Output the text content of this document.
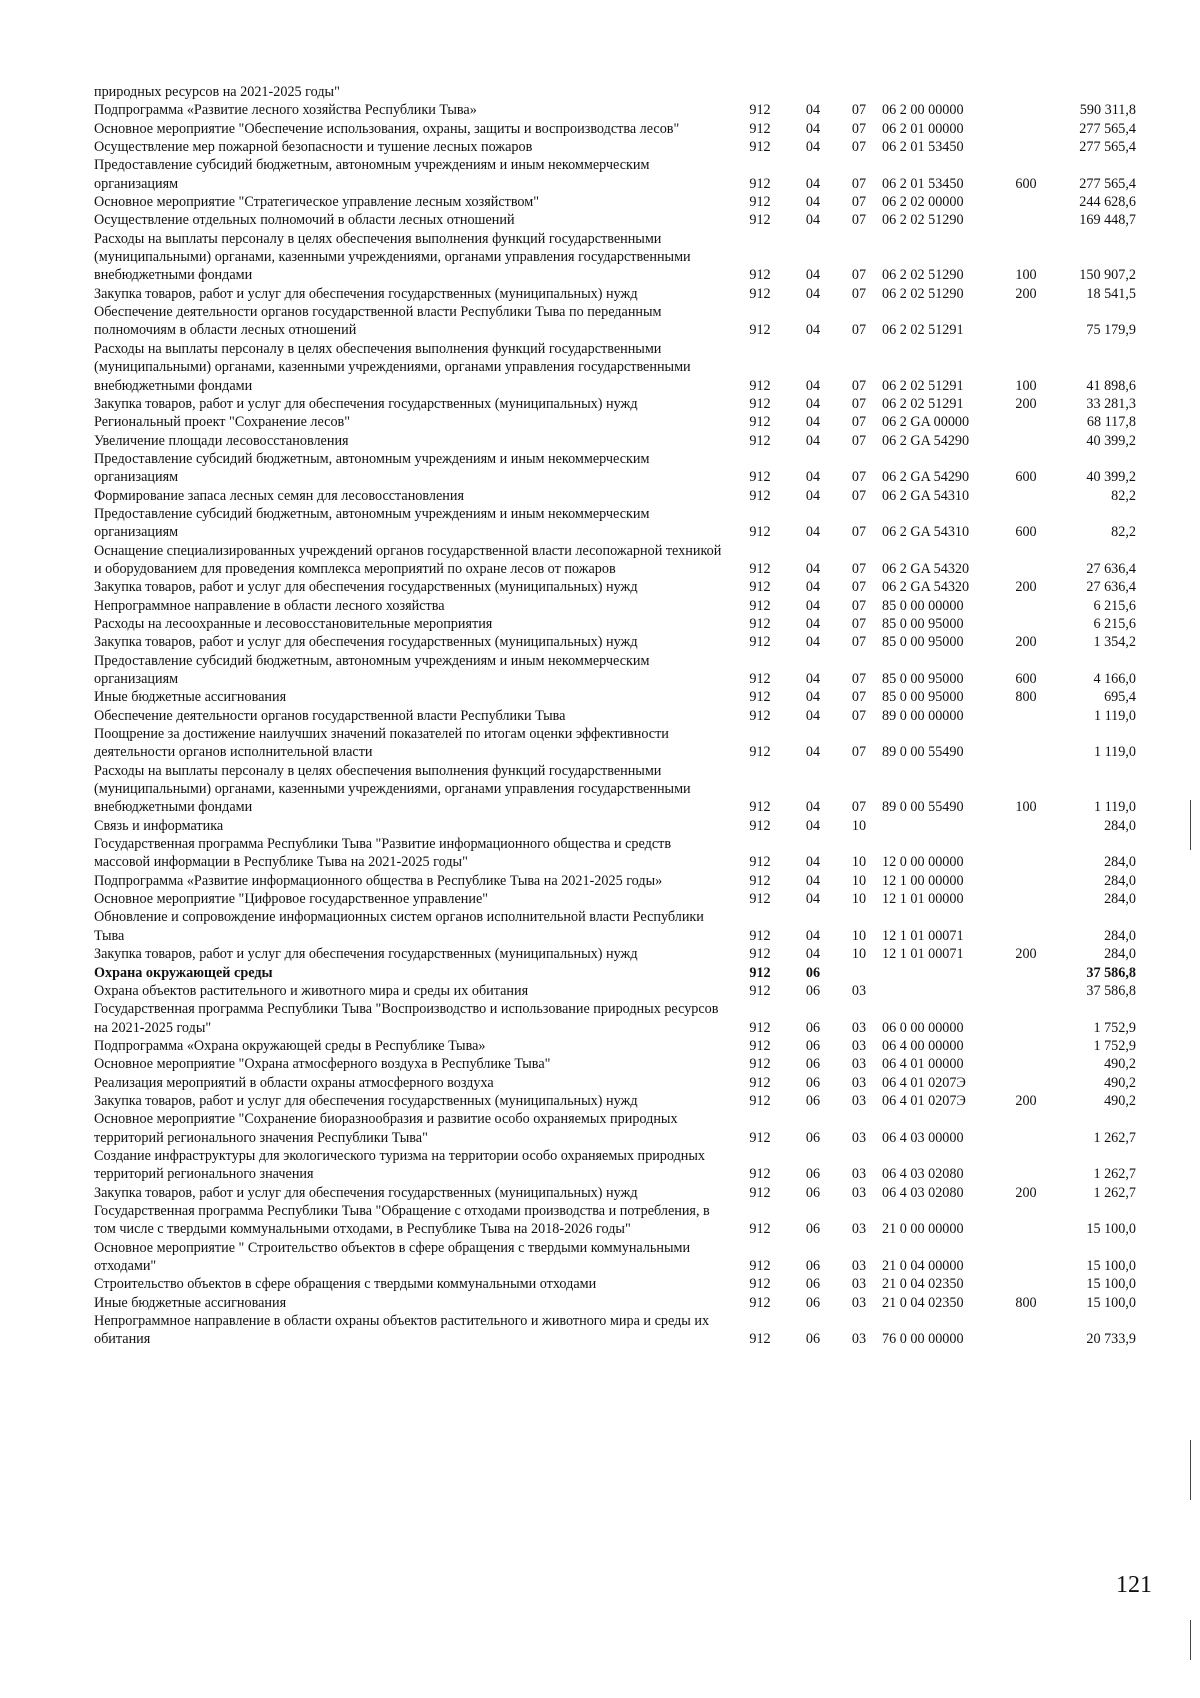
природных ресурсов на 2021-2025 годы"						
Подпрограмма «Развитие лесного хозяйства Республики Тыва»	912	04	07	06 2 00 00000		590 311,8
Основное мероприятие "Обеспечение использования, охраны, защиты и воспроизводства лесов"	912	04	07	06 2 01 00000		277 565,4
Осуществление мер пожарной безопасности и тушение лесных пожаров	912	04	07	06 2 01 53450		277 565,4
Предоставление субсидий бюджетным, автономным учреждениям и иным некоммерческим организациям	912	04	07	06 2 01 53450	600	277 565,4
Основное мероприятие "Стратегическое управление лесным хозяйством"	912	04	07	06 2 02 00000		244 628,6
Осуществление отдельных полномочий в области лесных отношений	912	04	07	06 2 02 51290		169 448,7
Расходы на выплаты персоналу в целях обеспечения выполнения функций государственными (муниципальными) органами, казенными учреждениями, органами управления государственными внебюджетными фондами	912	04	07	06 2 02 51290	100	150 907,2
Закупка товаров, работ и услуг для обеспечения государственных (муниципальных) нужд	912	04	07	06 2 02 51290	200	18 541,5
Обеспечение деятельности органов государственной власти Республики Тыва по переданным полномочиям в области лесных отношений	912	04	07	06 2 02 51291		75 179,9
Расходы на выплаты персоналу в целях обеспечения выполнения функций государственными (муниципальными) органами, казенными учреждениями, органами управления государственными внебюджетными фондами	912	04	07	06 2 02 51291	100	41 898,6
Закупка товаров, работ и услуг для обеспечения государственных (муниципальных) нужд	912	04	07	06 2 02 51291	200	33 281,3
Региональный проект "Сохранение лесов"	912	04	07	06 2 GA 00000		68 117,8
Увеличение площади лесовосстановления	912	04	07	06 2 GA 54290		40 399,2
Предоставление субсидий бюджетным, автономным учреждениям и иным некоммерческим организациям	912	04	07	06 2 GA 54290	600	40 399,2
Формирование запаса лесных семян для лесовосстановления	912	04	07	06 2 GA 54310		82,2
Предоставление субсидий бюджетным, автономным учреждениям и иным некоммерческим организациям	912	04	07	06 2 GA 54310	600	82,2
Оснащение специализированных учреждений органов государственной власти лесопожарной техникой и оборудованием для проведения комплекса мероприятий по охране лесов от пожаров	912	04	07	06 2 GA 54320		27 636,4
Закупка товаров, работ и услуг для обеспечения государственных (муниципальных) нужд	912	04	07	06 2 GA 54320	200	27 636,4
Непрограммное направление в области лесного хозяйства	912	04	07	85 0 00 00000		6 215,6
Расходы на лесоохранные и лесовосстановительные мероприятия	912	04	07	85 0 00 95000		6 215,6
Закупка товаров, работ и услуг для обеспечения государственных (муниципальных) нужд	912	04	07	85 0 00 95000	200	1 354,2
Предоставление субсидий бюджетным, автономным учреждениям и иным некоммерческим организациям	912	04	07	85 0 00 95000	600	4 166,0
Иные бюджетные ассигнования	912	04	07	85 0 00 95000	800	695,4
Обеспечение деятельности органов государственной власти Республики Тыва	912	04	07	89 0 00 00000		1 119,0
Поощрение за достижение наилучших значений показателей по итогам оценки эффективности деятельности органов исполнительной власти	912	04	07	89 0 00 55490		1 119,0
Расходы на выплаты персоналу в целях обеспечения выполнения функций государственными (муниципальными) органами, казенными учреждениями, органами управления государственными внебюджетными фондами	912	04	07	89 0 00 55490	100	1 119,0
Связь и информатика	912	04	10			284,0
Государственная программа Республики Тыва "Развитие информационного общества и средств массовой информации в Республике Тыва на 2021-2025 годы"	912	04	10	12 0 00 00000		284,0
Подпрограмма «Развитие информационного общества в Республике Тыва на 2021-2025 годы»	912	04	10	12 1 00 00000		284,0
Основное мероприятие "Цифровое государственное управление"	912	04	10	12 1 01 00000		284,0
Обновление и сопровождение информационных систем органов исполнительной власти Республики Тыва	912	04	10	12 1 01 00071		284,0
Закупка товаров, работ и услуг для обеспечения государственных (муниципальных) нужд	912	04	10	12 1 01 00071	200	284,0
Охрана окружающей среды	912	06				37 586,8
Охрана объектов растительного и животного мира и среды их обитания	912	06	03			37 586,8
Государственная программа Республики Тыва "Воспроизводство и использование природных ресурсов на 2021-2025 годы"	912	06	03	06 0 00 00000		1 752,9
Подпрограмма «Охрана окружающей среды в Республике Тыва»	912	06	03	06 4 00 00000		1 752,9
Основное мероприятие "Охрана атмосферного воздуха в Республике Тыва"	912	06	03	06 4 01 00000		490,2
Реализация мероприятий в области охраны атмосферного воздуха	912	06	03	06 4 01 0207Э		490,2
Закупка товаров, работ и услуг для обеспечения государственных (муниципальных) нужд	912	06	03	06 4 01 0207Э	200	490,2
Основное мероприятие "Сохранение биоразнообразия и развитие особо охраняемых природных территорий регионального значения Республики Тыва"	912	06	03	06 4 03 00000		1 262,7
Создание инфраструктуры для экологического туризма на территории особо охраняемых природных территорий регионального значения	912	06	03	06 4 03 02080		1 262,7
Закупка товаров, работ и услуг для обеспечения государственных (муниципальных) нужд	912	06	03	06 4 03 02080	200	1 262,7
Государственная программа Республики Тыва "Обращение с отходами производства и потребления, в том числе с твердыми коммунальными отходами, в Республике Тыва на 2018-2026 годы"	912	06	03	21 0 00 00000		15 100,0
Основное мероприятие " Строительство объектов в сфере обращения с твердыми коммунальными отходами"	912	06	03	21 0 04 00000		15 100,0
Строительство объектов в сфере обращения с твердыми коммунальными отходами	912	06	03	21 0 04 02350		15 100,0
Иные бюджетные ассигнования	912	06	03	21 0 04 02350	800	15 100,0
Непрограммное направление в области охраны объектов растительного и животного мира и среды их обитания	912	06	03	76 0 00 00000		20 733,9
121
